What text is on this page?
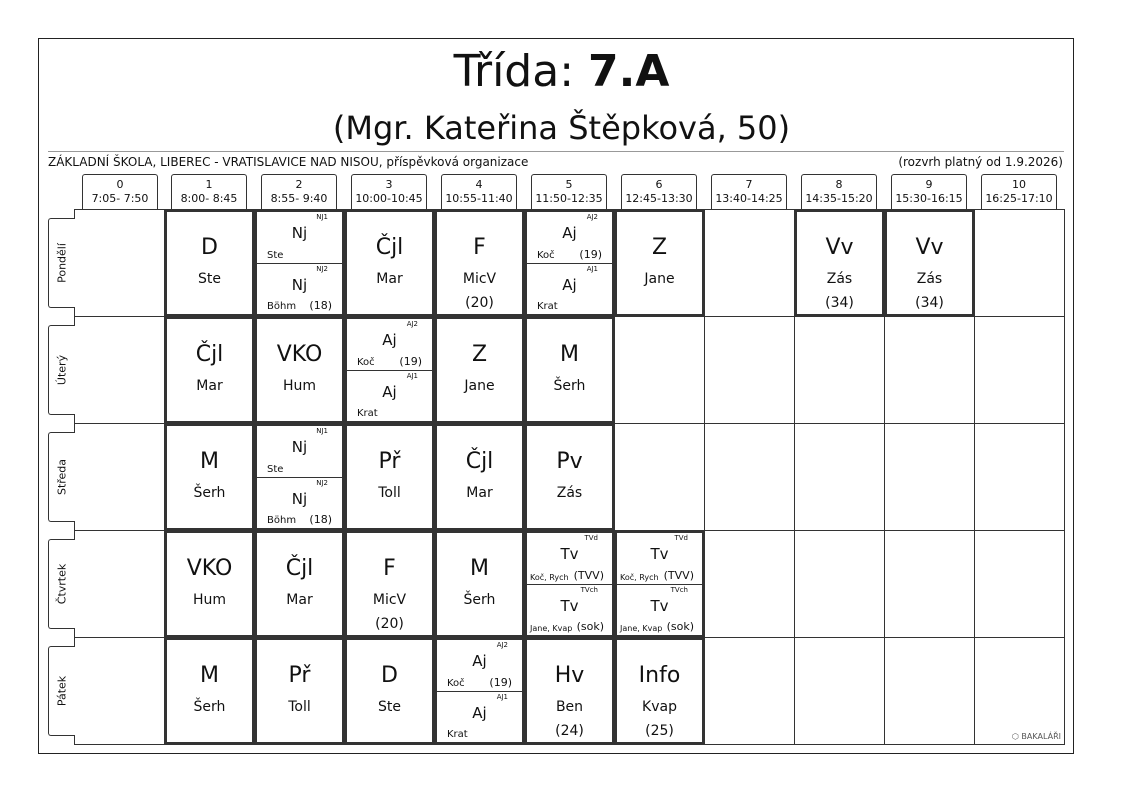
Třída: 7.A
(Mgr. Kateřina Štěpková, 50)
ZÁKLADNÍ ŠKOLA, LIBEREC - VRATISLAVICE NAD NISOU, příspěvková organizace	(rozvrh platný od 1.9.2026)
0
7:05- 7:50
1
8:00- 8:45
2
8:55- 9:40
3
10:00-10:45
4
10:55-11:40
5
11:50-12:35
6
12:45-13:30
7
13:40-14:25
8
14:35-15:20
9
15:30-16:15
10
16:25-17:10
Pondělí
Úterý
Středa
Čtvrtek
Pátek
D
Ste
NJ1
Nj
Ste
NJ2
Nj
Böhm (18)
Čjl
Mar
F
MicV
(20)
AJ2
Aj
Koč (19)
AJ1
Aj
Krat
Z
Jane
Vv
Zás
(34)
Vv
Zás
(34)
Čjl
Mar
VKO
Hum
AJ2
Aj
Koč (19)
AJ1
Aj
Krat
Z
Jane
M
Šerh
M
Šerh
NJ1
Nj
Ste
NJ2
Nj
Böhm (18)
Př
Toll
Čjl
Mar
Pv
Zás
VKO
Hum
Čjl
Mar
F
MicV
(20)
M
Šerh
TVd
Tv
Koč, Rych (TVV)
TVch
Tv
Jane, Kvap (sok)
TVd
Tv
Koč, Rych (TVV)
TVch
Tv
Jane, Kvap (sok)
M
Šerh
Př
Toll
D
Ste
AJ2
Aj
Koč (19)
AJ1
Aj
Krat
Hv
Ben
(24)
Info
Kvap
(25)	⬡ BAKALÁŘI
